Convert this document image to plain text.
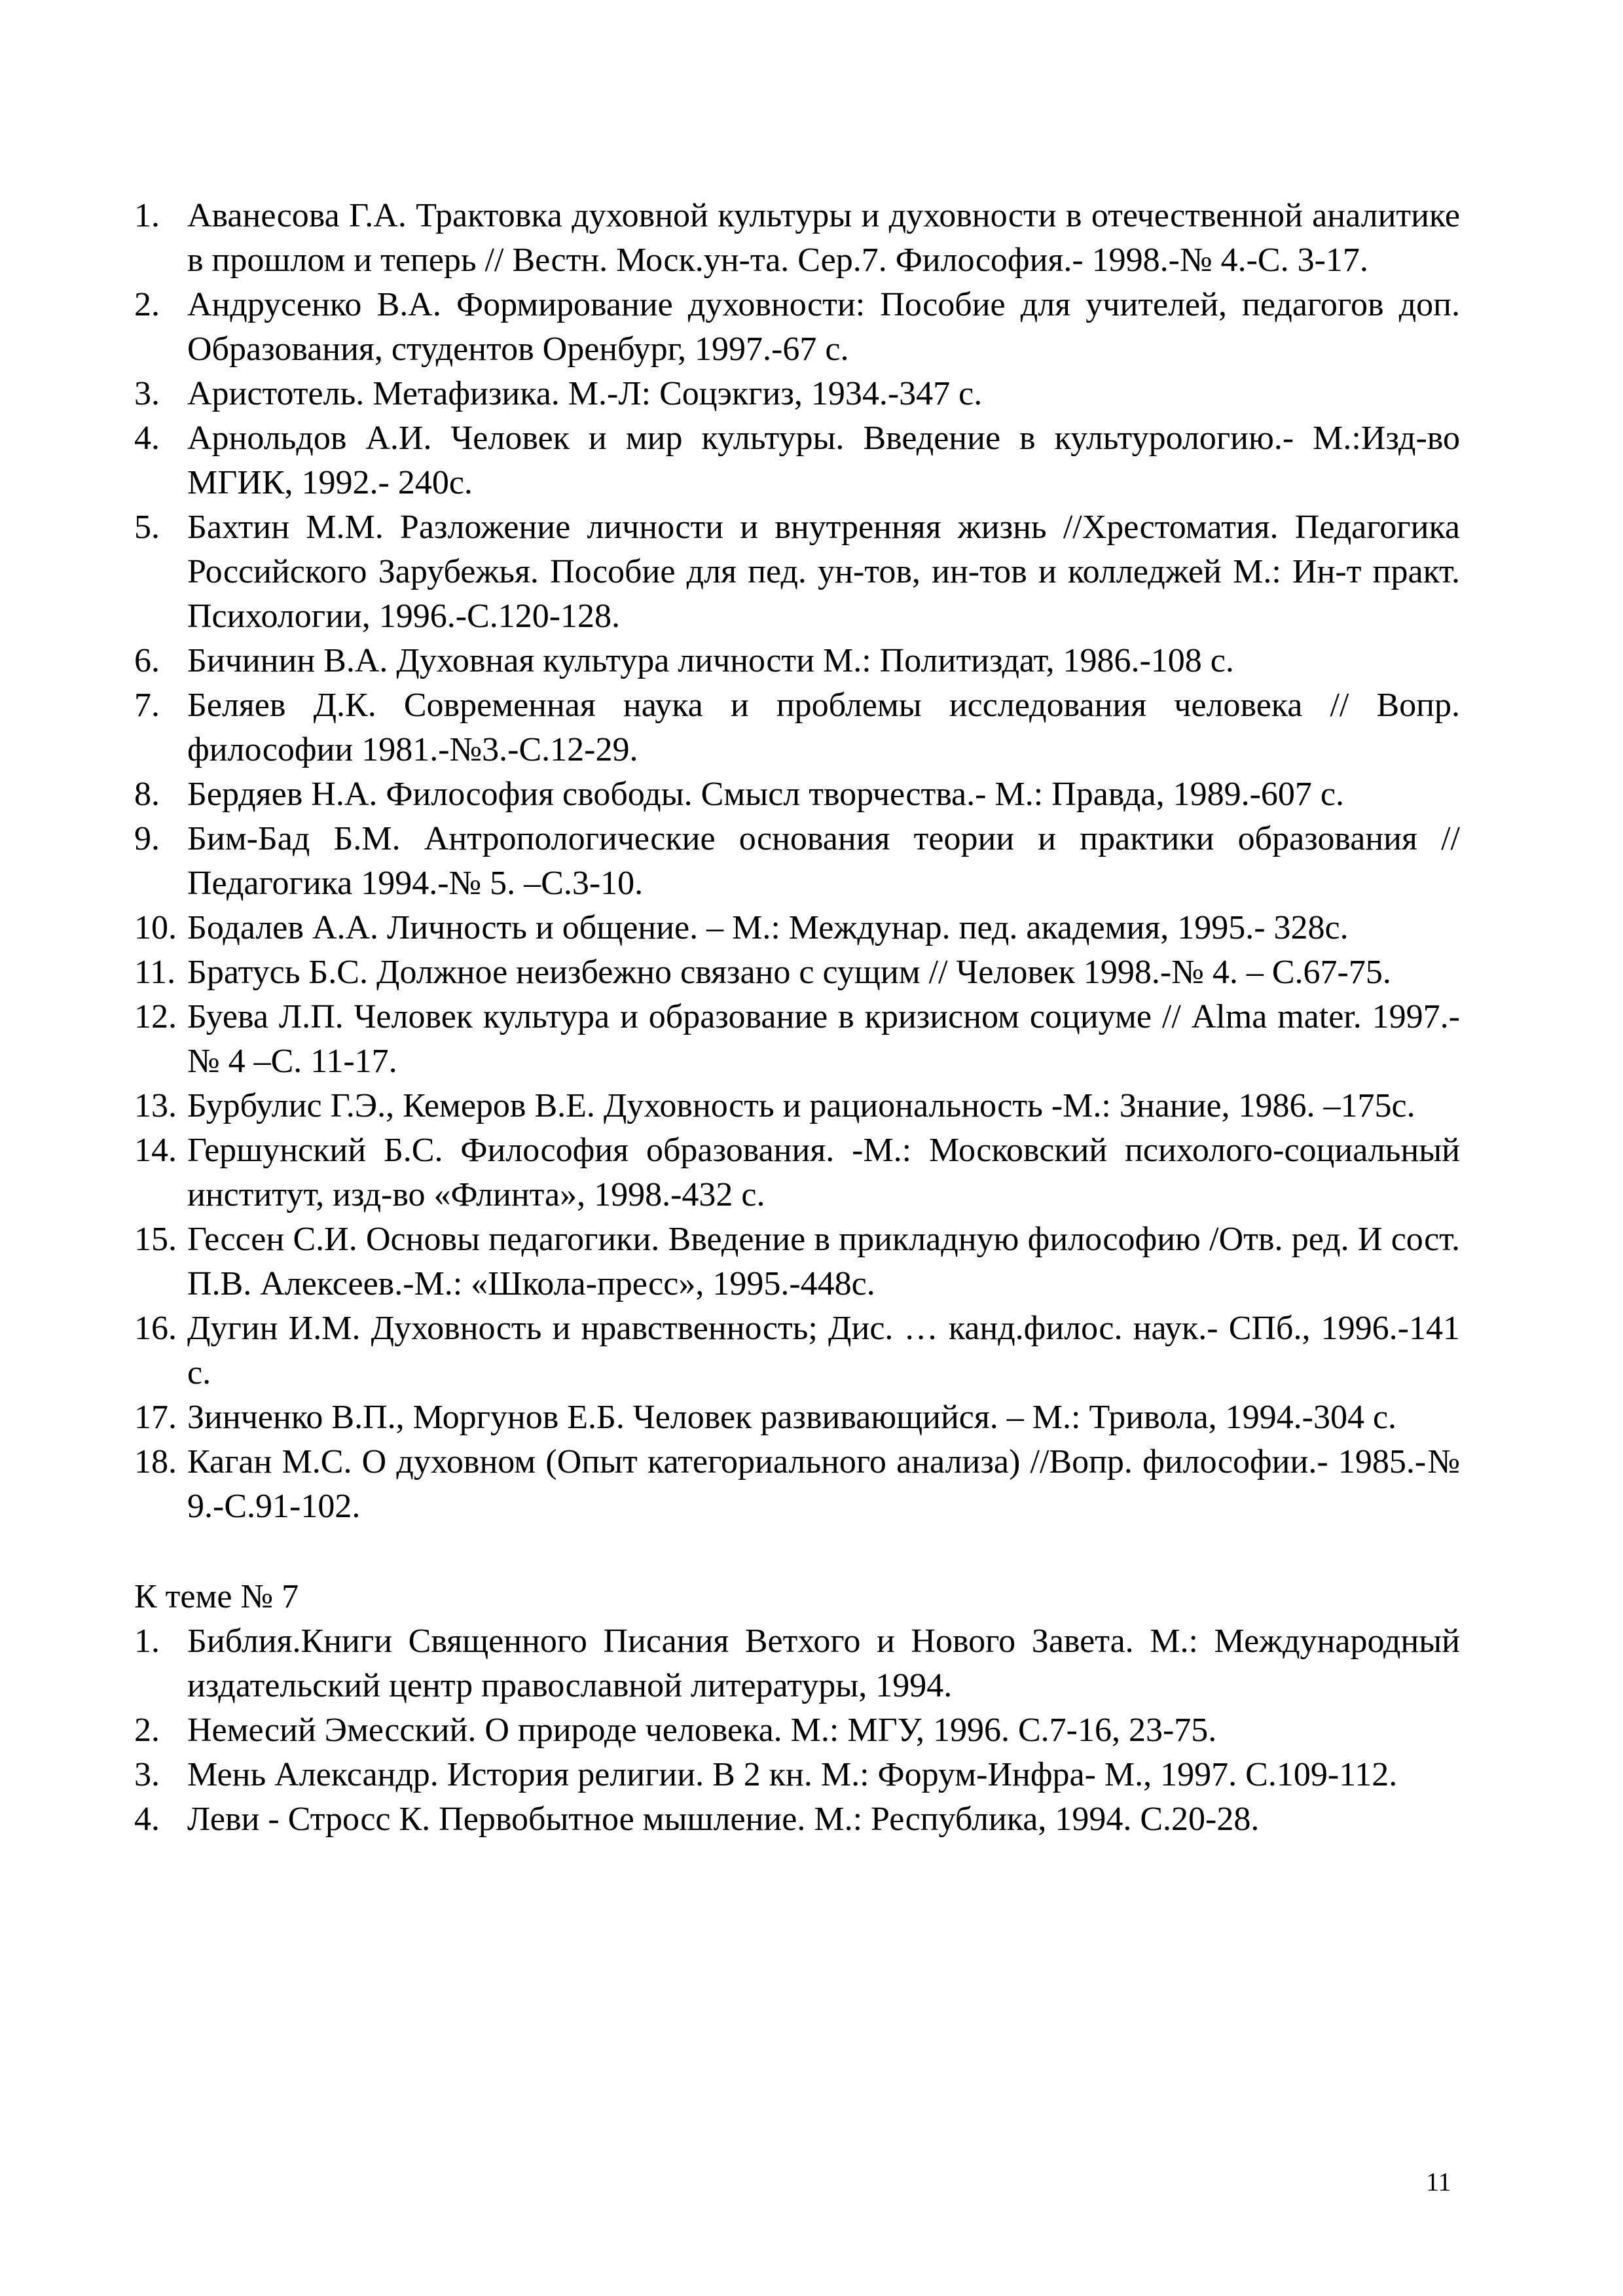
1. Аванесова Г.А. Трактовка духовной культуры и духовности в отечественной аналитике в прошлом и теперь // Вестн. Моск.ун-та. Сер.7. Философия.- 1998.-№ 4.-С. 3-17.
2. Андрусенко В.А. Формирование духовности: Пособие для учителей, педагогов доп. Образования, студентов Оренбург, 1997.-67 с.
3. Аристотель. Метафизика. М.-Л: Соцэкгиз, 1934.-347 с.
4. Арнольдов А.И. Человек и мир культуры. Введение в культурологию.- М.:Изд-во МГИК, 1992.- 240с.
5. Бахтин М.М. Разложение личности и внутренняя жизнь //Хрестоматия. Педагогика Российского Зарубежья. Пособие для пед. ун-тов, ин-тов и колледжей М.: Ин-т практ. Психологии, 1996.-С.120-128.
6. Бичинин В.А. Духовная культура личности М.: Политиздат, 1986.-108 с.
7. Беляев Д.К. Современная наука и проблемы исследования человека // Вопр. философии 1981.-№3.-С.12-29.
8. Бердяев Н.А. Философия свободы. Смысл творчества.- М.: Правда, 1989.-607 с.
9. Бим-Бад Б.М. Антропологические основания теории и практики образования // Педагогика 1994.-№ 5. –С.3-10.
10. Бодалев А.А. Личность и общение. – М.: Междунар. пед. академия, 1995.- 328с.
11. Братусь Б.С. Должное неизбежно связано с сущим // Человек 1998.-№ 4. – С.67-75.
12. Буева Л.П. Человек культура и образование в кризисном социуме // Alma mater. 1997.-№ 4 –С. 11-17.
13. Бурбулис Г.Э., Кемеров В.Е. Духовность и рациональность -М.: Знание, 1986. –175с.
14. Гершунский Б.С. Философия образования. -М.: Московский психолого-социальный институт, изд-во «Флинта», 1998.-432 с.
15. Гессен С.И. Основы педагогики. Введение в прикладную философию /Отв. ред. И сост. П.В. Алексеев.-М.: «Школа-пресс», 1995.-448с.
16. Дугин И.М. Духовность и нравственность; Дис. … канд.филос. наук.- СПб., 1996.-141 с.
17. Зинченко В.П., Моргунов Е.Б. Человек развивающийся. – М.: Тривола, 1994.-304 с.
18. Каган М.С. О духовном (Опыт категориального анализа) //Вопр. философии.- 1985.-№ 9.-С.91-102.
К теме № 7
1. Библия.Книги Священного Писания Ветхого и Нового Завета. М.: Международный издательский центр православной литературы, 1994.
2. Немесий Эмесский. О природе человека. М.: МГУ, 1996. С.7-16, 23-75.
3. Мень Александр. История религии. В 2 кн. М.: Форум-Инфра- М., 1997. С.109-112.
4. Леви - Стросс К. Первобытное мышление. М.: Республика, 1994. С.20-28.
11
